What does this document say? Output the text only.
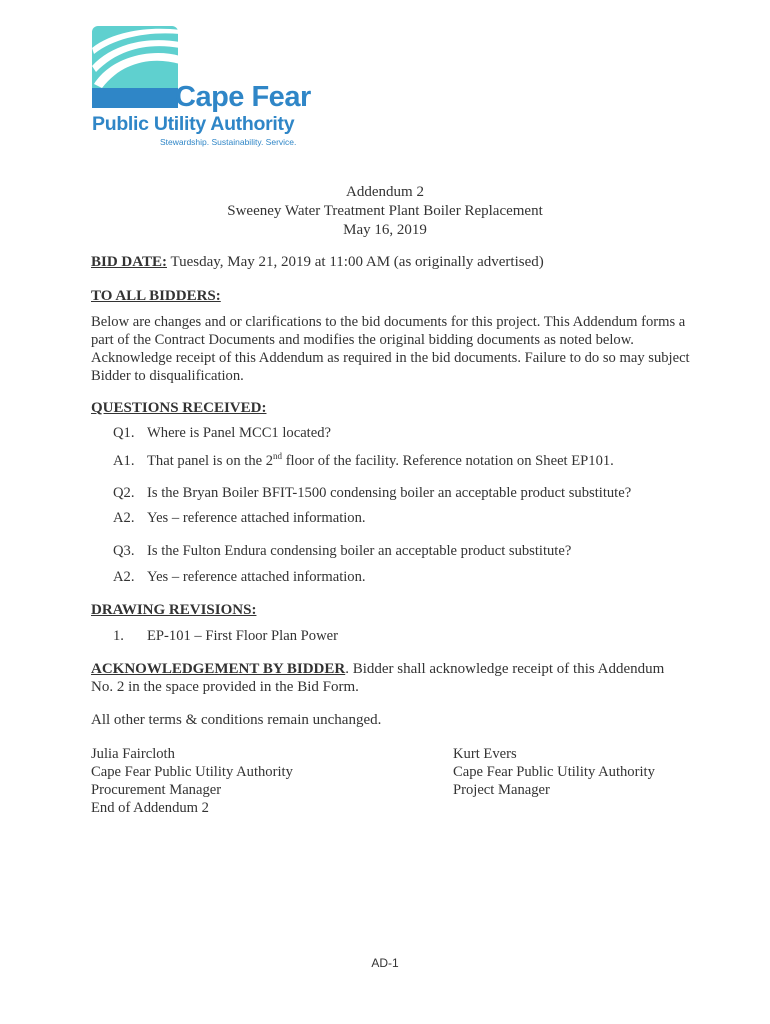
Cape Fear
Public Utility Authority
Stewardship. Sustainability. Service.
Addendum 2
Sweeney Water Treatment Plant Boiler Replacement
May 16, 2019
BID DATE: Tuesday, May 21, 2019 at 11:00 AM (as originally advertised)
TO ALL BIDDERS:
Below are changes and or clarifications to the bid documents for this project. This Addendum forms a part of the Contract Documents and modifies the original bidding documents as noted below. Acknowledge receipt of this Addendum as required in the bid documents. Failure to do so may subject Bidder to disqualification.
QUESTIONS RECEIVED:
Q1. Where is Panel MCC1 located?
A1. That panel is on the 2nd floor of the facility. Reference notation on Sheet EP101.
Q2. Is the Bryan Boiler BFIT-1500 condensing boiler an acceptable product substitute?
A2. Yes – reference attached information.
Q3. Is the Fulton Endura condensing boiler an acceptable product substitute?
A2. Yes – reference attached information.
DRAWING REVISIONS:
1. EP-101 – First Floor Plan Power
ACKNOWLEDGEMENT BY BIDDER. Bidder shall acknowledge receipt of this Addendum
No. 2 in the space provided in the Bid Form.
All other terms & conditions remain unchanged.
Julia Faircloth
Cape Fear Public Utility Authority
Procurement Manager
End of Addendum 2
Kurt Evers
Cape Fear Public Utility Authority
Project Manager
AD-1
